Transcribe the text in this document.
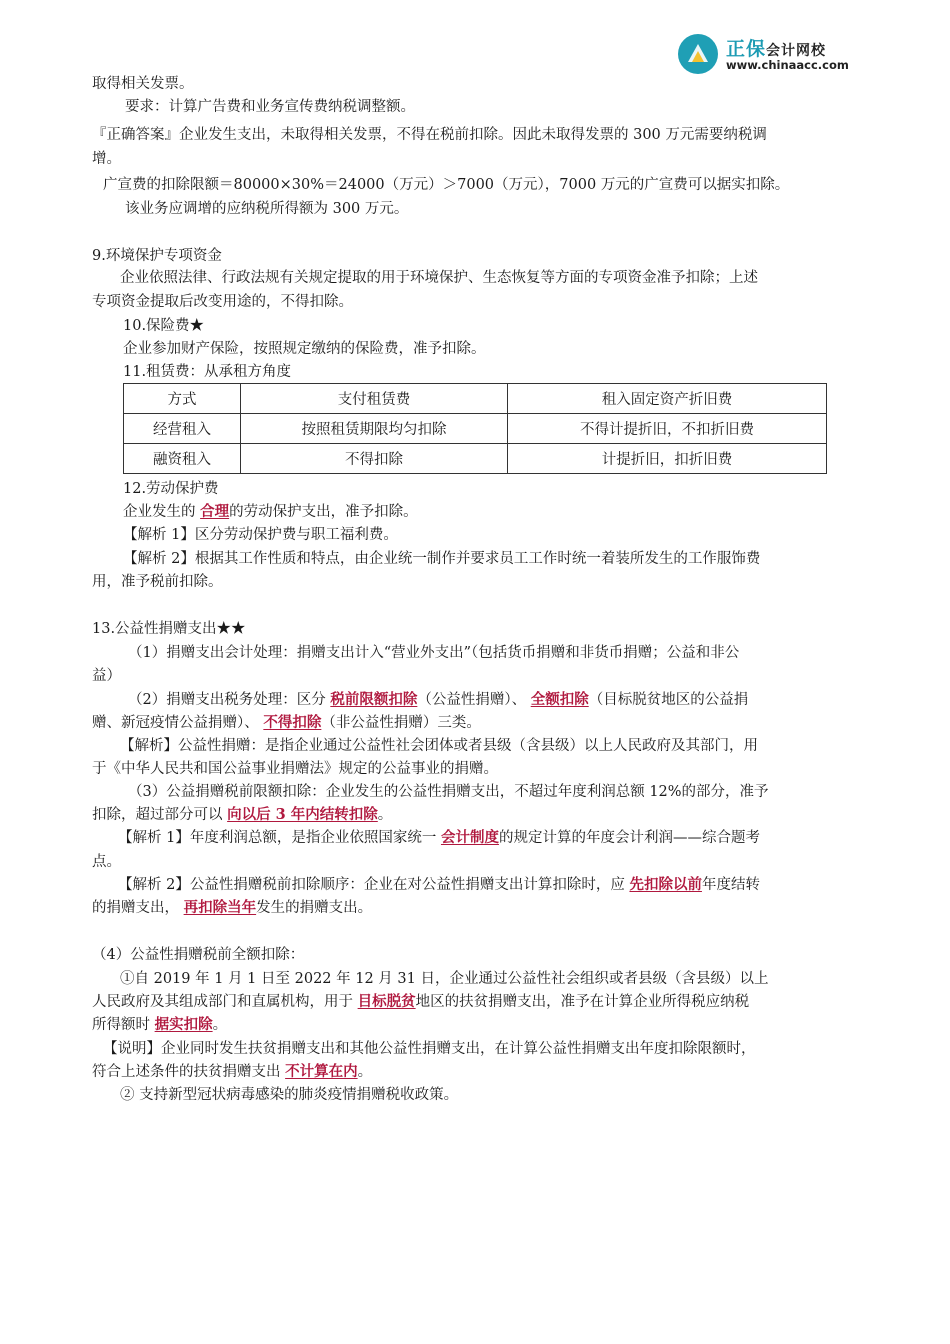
正保会计网校
www.chinaacc.com
取得相关发票。
要求：计算广告费和业务宣传费纳税调整额。
『正确答案』企业发生支出，未取得相关发票，不得在税前扣除。因此未取得发票的 300 万元需要纳税调
增。
广宣费的扣除限额＝80000×30%＝24000（万元）＞7000（万元），7000 万元的广宣费可以据实扣除。
该业务应调增的应纳税所得额为 300 万元。
9.环境保护专项资金
企业依照法律、行政法规有关规定提取的用于环境保护、生态恢复等方面的专项资金准予扣除；上述
专项资金提取后改变用途的，不得扣除。
10.保险费★
企业参加财产保险，按照规定缴纳的保险费，准予扣除。
11.租赁费：从承租方角度
方式	支付租赁费	租入固定资产折旧费
经营租入	按照租赁期限均匀扣除	不得计提折旧，不扣折旧费
融资租入	不得扣除	计提折旧，扣折旧费
12.劳动保护费
企业发生的 合理的劳动保护支出，准予扣除。
【解析 1】区分劳动保护费与职工福利费。
【解析 2】根据其工作性质和特点，由企业统一制作并要求员工工作时统一着装所发生的工作服饰费
用，准予税前扣除。
13.公益性捐赠支出★★
（1）捐赠支出会计处理：捐赠支出计入“营业外支出”（包括货币捐赠和非货币捐赠；公益和非公
益）
（2）捐赠支出税务处理：区分 税前限额扣除（公益性捐赠）、 全额扣除（目标脱贫地区的公益捐
赠、新冠疫情公益捐赠）、 不得扣除（非公益性捐赠）三类。
【解析】公益性捐赠：是指企业通过公益性社会团体或者县级（含县级）以上人民政府及其部门，用
于《中华人民共和国公益事业捐赠法》规定的公益事业的捐赠。
（3）公益捐赠税前限额扣除：企业发生的公益性捐赠支出，不超过年度利润总额 12%的部分，准予
扣除，超过部分可以 向以后 3 年内结转扣除。
【解析 1】年度利润总额，是指企业依照国家统一 会计制度的规定计算的年度会计利润——综合题考
点。
【解析 2】公益性捐赠税前扣除顺序：企业在对公益性捐赠支出计算扣除时，应 先扣除以前年度结转
的捐赠支出， 再扣除当年发生的捐赠支出。
（4）公益性捐赠税前全额扣除：
①自 2019 年 1 月 1 日至 2022 年 12 月 31 日，企业通过公益性社会组织或者县级（含县级）以上
人民政府及其组成部门和直属机构，用于 目标脱贫地区的扶贫捐赠支出，准予在计算企业所得税应纳税
所得额时 据实扣除。
【说明】企业同时发生扶贫捐赠支出和其他公益性捐赠支出，在计算公益性捐赠支出年度扣除限额时，
符合上述条件的扶贫捐赠支出 不计算在内。
② 支持新型冠状病毒感染的肺炎疫情捐赠税收政策。
